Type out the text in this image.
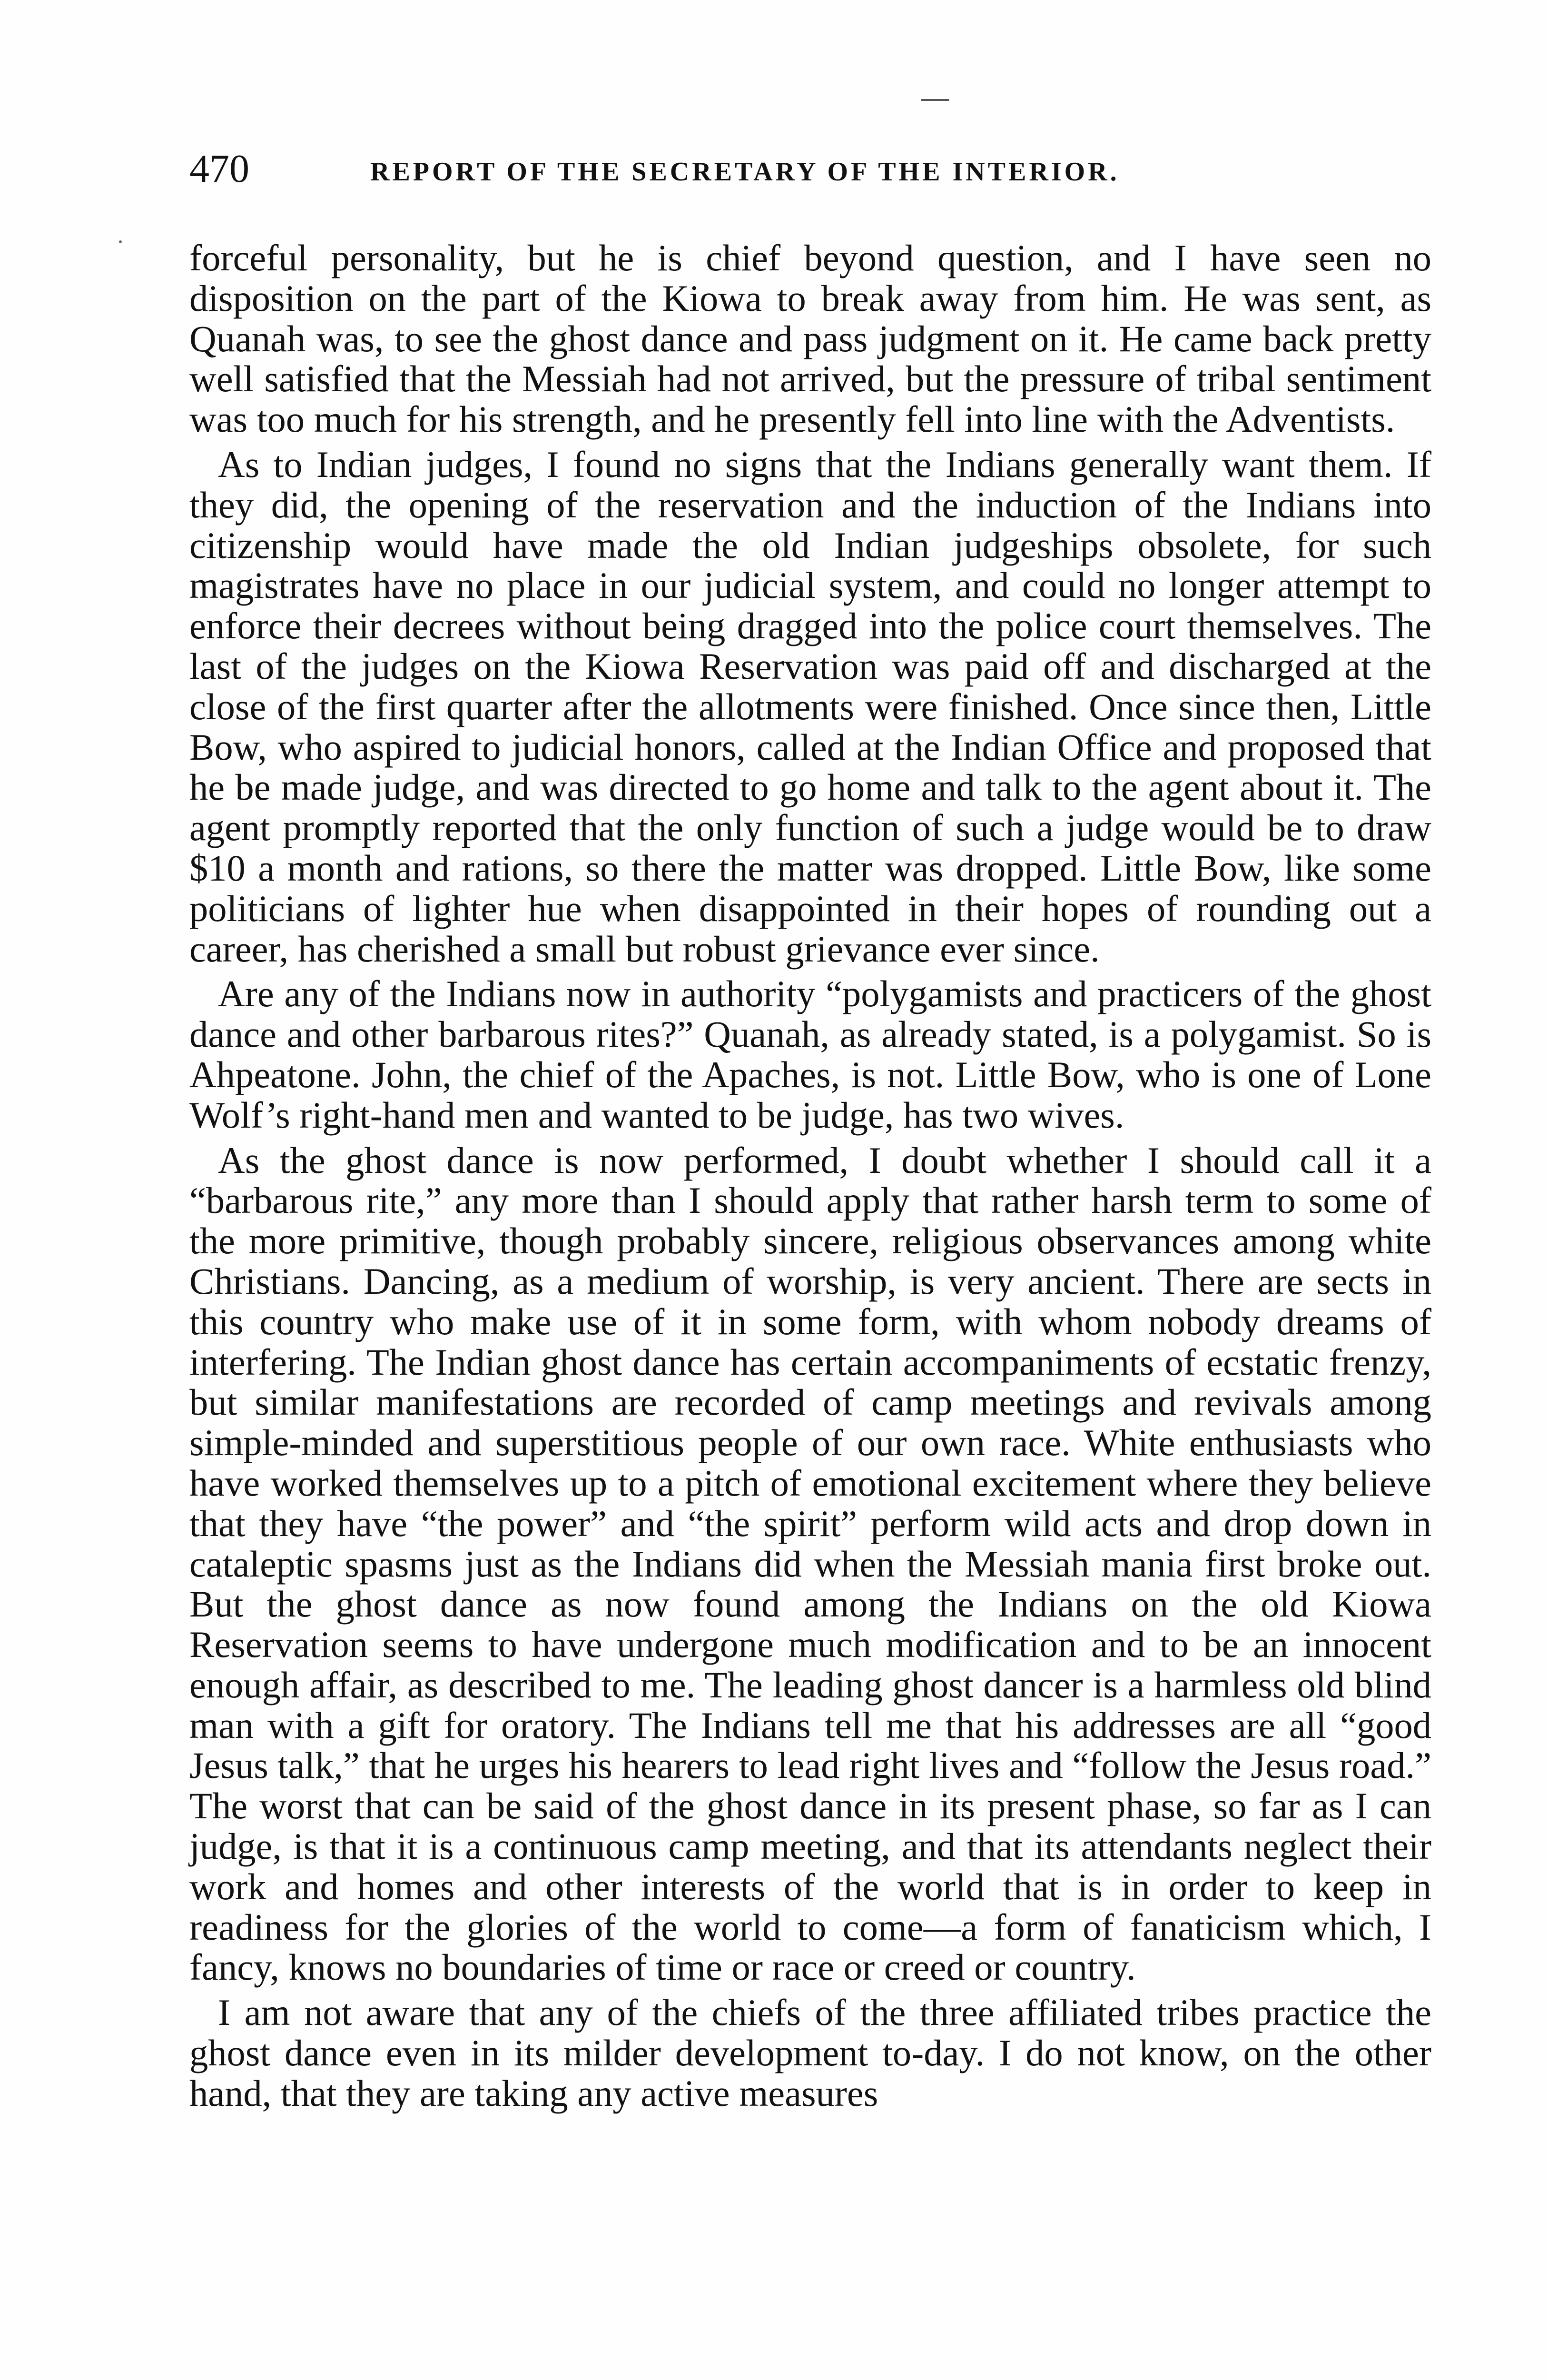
470	REPORT OF THE SECRETARY OF THE INTERIOR.

forceful personality, but he is chief beyond question, and I have seen no disposition on the part of the Kiowa to break away from him. He was sent, as Quanah was, to see the ghost dance and pass judgment on it. He came back pretty well satisfied that the Messiah had not arrived, but the pressure of tribal sentiment was too much for his strength, and he presently fell into line with the Adventists.

As to Indian judges, I found no signs that the Indians generally want them. If they did, the opening of the reservation and the induction of the Indians into citizenship would have made the old Indian judgeships obsolete, for such magistrates have no place in our judicial system, and could no longer attempt to enforce their decrees without being dragged into the police court themselves. The last of the judges on the Kiowa Reservation was paid off and discharged at the close of the first quarter after the allotments were finished. Once since then, Little Bow, who aspired to judicial honors, called at the Indian Office and proposed that he be made judge, and was directed to go home and talk to the agent about it. The agent promptly reported that the only function of such a judge would be to draw $10 a month and rations, so there the matter was dropped. Little Bow, like some politicians of lighter hue when disappointed in their hopes of rounding out a career, has cherished a small but robust grievance ever since.

Are any of the Indians now in authority “polygamists and practicers of the ghost dance and other barbarous rites?” Quanah, as already stated, is a polygamist. So is Ahpeatone. John, the chief of the Apaches, is not. Little Bow, who is one of Lone Wolf’s right-hand men and wanted to be judge, has two wives.

As the ghost dance is now performed, I doubt whether I should call it a “barbarous rite,” any more than I should apply that rather harsh term to some of the more primitive, though probably sincere, religious observances among white Christians. Dancing, as a medium of worship, is very ancient. There are sects in this country who make use of it in some form, with whom nobody dreams of interfering. The Indian ghost dance has certain accompaniments of ecstatic frenzy, but similar manifestations are recorded of camp meetings and revivals among simple-minded and superstitious people of our own race. White enthusiasts who have worked themselves up to a pitch of emotional excitement where they believe that they have “the power” and “the spirit” perform wild acts and drop down in cataleptic spasms just as the Indians did when the Messiah mania first broke out. But the ghost dance as now found among the Indians on the old Kiowa Reservation seems to have undergone much modification and to be an innocent enough affair, as described to me. The leading ghost dancer is a harmless old blind man with a gift for oratory. The Indians tell me that his addresses are all “good Jesus talk,” that he urges his hearers to lead right lives and “follow the Jesus road.” The worst that can be said of the ghost dance in its present phase, so far as I can judge, is that it is a continuous camp meeting, and that its attendants neglect their work and homes and other interests of the world that is in order to keep in readiness for the glories of the world to come—a form of fanaticism which, I fancy, knows no boundaries of time or race or creed or country.

I am not aware that any of the chiefs of the three affiliated tribes practice the ghost dance even in its milder development to-day. I do not know, on the other hand, that they are taking any active measures
